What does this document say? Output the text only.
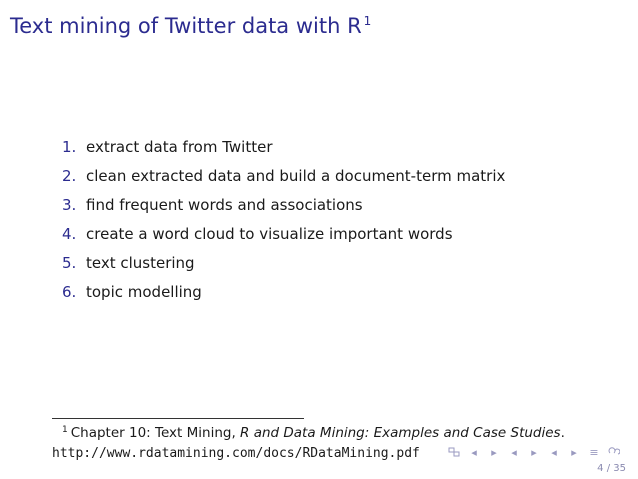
Text mining of Twitter data with R $^1$
1. extract data from Twitter
2. clean extracted data and build a document-term matrix
3. find frequent words and associations
4. create a word cloud to visualize important words
5. text clustering
6. topic modelling
$^1$ Chapter 10: Text Mining, R and Data Mining: Examples and Case Studies.
http://www.rdatamining.com/docs/RDataMining.pdf	◂ ▸ ◂ ▸ ◂ ▸ ≡
4 / 35
